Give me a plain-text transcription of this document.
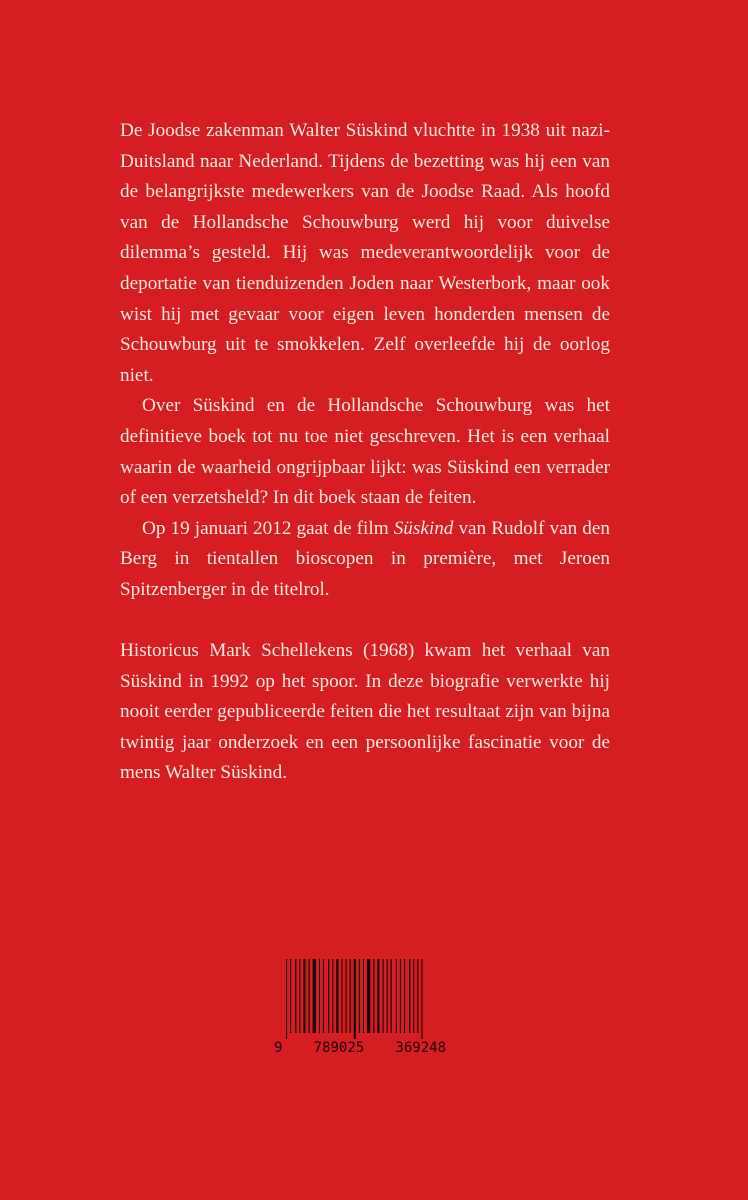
De Joodse zakenman Walter Süskind vluchtte in 1938 uit nazi-Duitsland naar Nederland. Tijdens de bezetting was hij een van de belangrijkste medewerkers van de Joodse Raad. Als hoofd van de Hollandsche Schouwburg werd hij voor duivelse dilemma’s gesteld. Hij was medeverantwoordelijk voor de deportatie van tienduizenden Joden naar Westerbork, maar ook wist hij met gevaar voor eigen leven honderden mensen de Schouwburg uit te smokkelen. Zelf overleefde hij de oorlog niet.

Over Süskind en de Hollandsche Schouwburg was het definitieve boek tot nu toe niet geschreven. Het is een verhaal waarin de waarheid ongrijpbaar lijkt: was Süskind een verrader of een verzetsheld? In dit boek staan de feiten.

Op 19 januari 2012 gaat de film Süskind van Rudolf van den Berg in tientallen bioscopen in première, met Jeroen Spitzenberger in de titelrol.

Historicus Mark Schellekens (1968) kwam het verhaal van Süskind in 1992 op het spoor. In deze biografie verwerkte hij nooit eerder gepubliceerde feiten die het resultaat zijn van bijna twintig jaar onderzoek en een persoonlijke fascinatie voor de mens Walter Süskind.

9 789025 369248
